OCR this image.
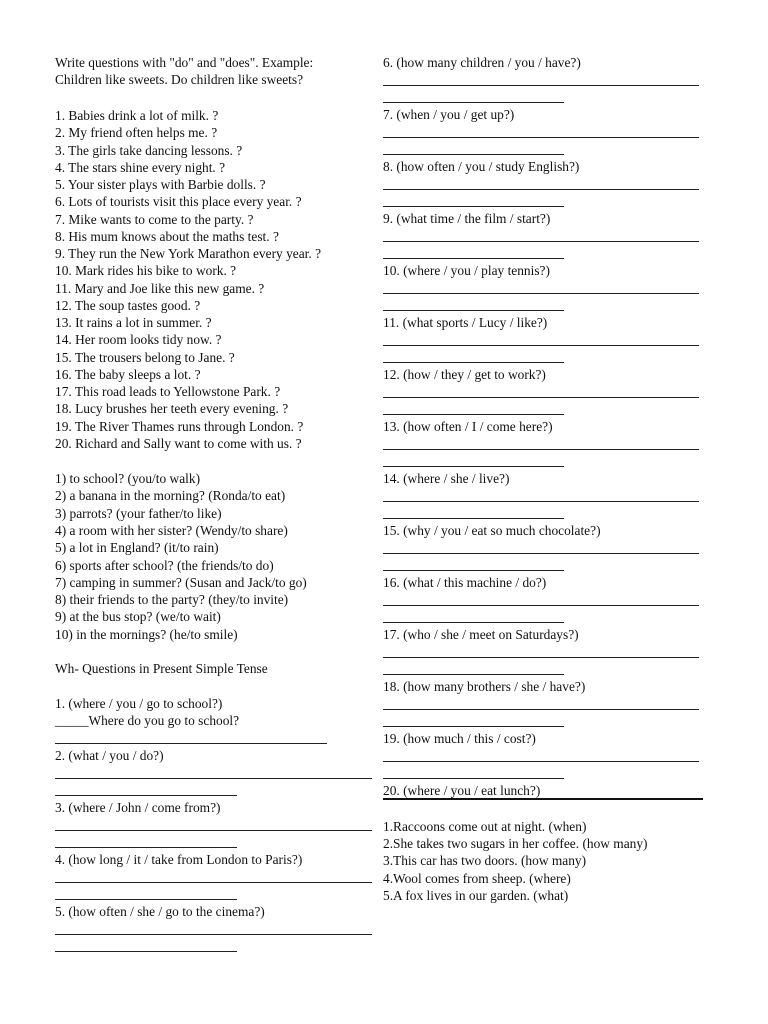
Write questions with "do" and "does". Example:
Children like sweets. Do children like sweets?
1. Babies drink a lot of milk. ?
2. My friend often helps me. ?
3. The girls take dancing lessons. ?
4. The stars shine every night. ?
5. Your sister plays with Barbie dolls. ?
6. Lots of tourists visit this place every year. ?
7. Mike wants to come to the party. ?
8. His mum knows about the maths test. ?
9. They run the New York Marathon every year. ?
10. Mark rides his bike to work. ?
11. Mary and Joe like this new game. ?
12. The soup tastes good. ?
13. It rains a lot in summer. ?
14. Her room looks tidy now. ?
15. The trousers belong to Jane. ?
16. The baby sleeps a lot. ?
17. This road leads to Yellowstone Park. ?
18. Lucy brushes her teeth every evening. ?
19. The River Thames runs through London. ?
20. Richard and Sally want to come with us. ?
1) to school? (you/to walk)
2) a banana in the morning? (Ronda/to eat)
3) parrots? (your father/to like)
4) a room with her sister? (Wendy/to share)
5) a lot in England? (it/to rain)
6) sports after school? (the friends/to do)
7) camping in summer? (Susan and Jack/to go)
8) their friends to the party? (they/to invite)
9) at the bus stop? (we/to wait)
10) in the mornings? (he/to smile)
Wh- Questions in Present Simple Tense
1. (where / you / go to school?)
_____Where do you go to school?
2. (what / you / do?)
3. (where / John / come from?)
4. (how long / it / take from London to Paris?)
5. (how often / she / go to the cinema?)
6. (how many children / you / have?)
7. (when / you / get up?)
8. (how often / you / study English?)
9. (what time / the film / start?)
10. (where / you / play tennis?)
11. (what sports / Lucy / like?)
12. (how / they / get to work?)
13. (how often / I / come here?)
14. (where / she / live?)
15. (why / you / eat so much chocolate?)
16. (what / this machine / do?)
17. (who / she / meet on Saturdays?)
18. (how many brothers / she / have?)
19. (how much / this / cost?)
20. (where / you / eat lunch?)
1.Raccoons come out at night. (when)
2.She takes two sugars in her coffee. (how many)
3.This car has two doors. (how many)
4.Wool comes from sheep. (where)
5.A fox lives in our garden. (what)
